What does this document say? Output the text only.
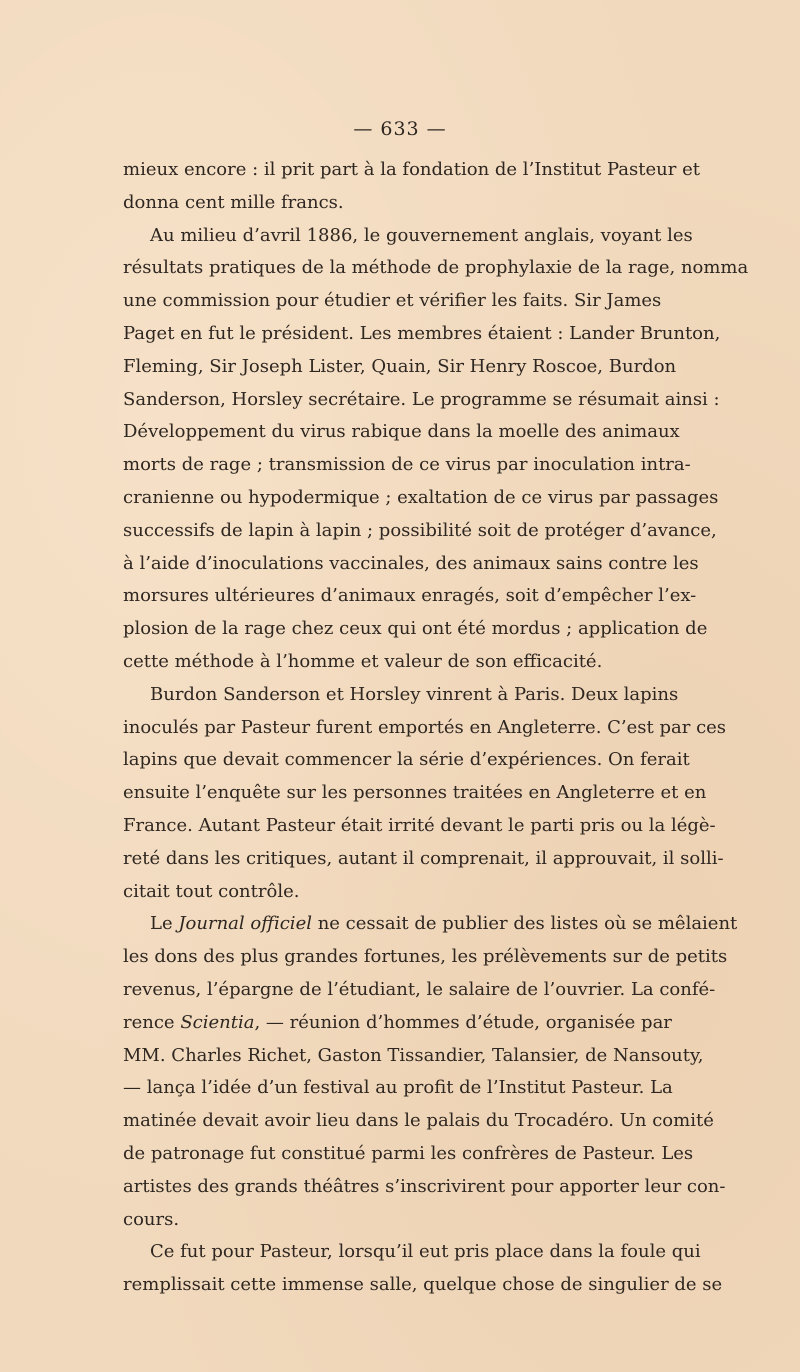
— 633 —
mieux encore : il prit part à la fondation de l’Institut Pasteur et
donna cent mille francs.
Au milieu d’avril 1886, le gouvernement anglais, voyant les
résultats pratiques de la méthode de prophylaxie de la rage, nomma
une commission pour étudier et vérifier les faits. Sir James
Paget en fut le président. Les membres étaient : Lander Brunton,
Fleming, Sir Joseph Lister, Quain, Sir Henry Roscoe, Burdon
Sanderson, Horsley secrétaire. Le programme se résumait ainsi :
Développement du virus rabique dans la moelle des animaux
morts de rage ; transmission de ce virus par inoculation intra-
cranienne ou hypodermique ; exaltation de ce virus par passages
successifs de lapin à lapin ; possibilité soit de protéger d’avance,
à l’aide d’inoculations vaccinales, des animaux sains contre les
morsures ultérieures d’animaux enragés, soit d’empêcher l’ex-
plosion de la rage chez ceux qui ont été mordus ; application de
cette méthode à l’homme et valeur de son efficacité.
Burdon Sanderson et Horsley vinrent à Paris. Deux lapins
inoculés par Pasteur furent emportés en Angleterre. C’est par ces
lapins que devait commencer la série d’expériences. On ferait
ensuite l’enquête sur les personnes traitées en Angleterre et en
France. Autant Pasteur était irrité devant le parti pris ou la légè-
reté dans les critiques, autant il comprenait, il approuvait, il solli-
citait tout contrôle.
Le Journal officiel ne cessait de publier des listes où se mêlaient
les dons des plus grandes fortunes, les prélèvements sur de petits
revenus, l’épargne de l’étudiant, le salaire de l’ouvrier. La confé-
rence Scientia, — réunion d’hommes d’étude, organisée par
MM. Charles Richet, Gaston Tissandier, Talansier, de Nansouty,
— lança l’idée d’un festival au profit de l’Institut Pasteur. La
matinée devait avoir lieu dans le palais du Trocadéro. Un comité
de patronage fut constitué parmi les confrères de Pasteur. Les
artistes des grands théâtres s’inscrivirent pour apporter leur con-
cours.
Ce fut pour Pasteur, lorsqu’il eut pris place dans la foule qui
remplissait cette immense salle, quelque chose de singulier de se
